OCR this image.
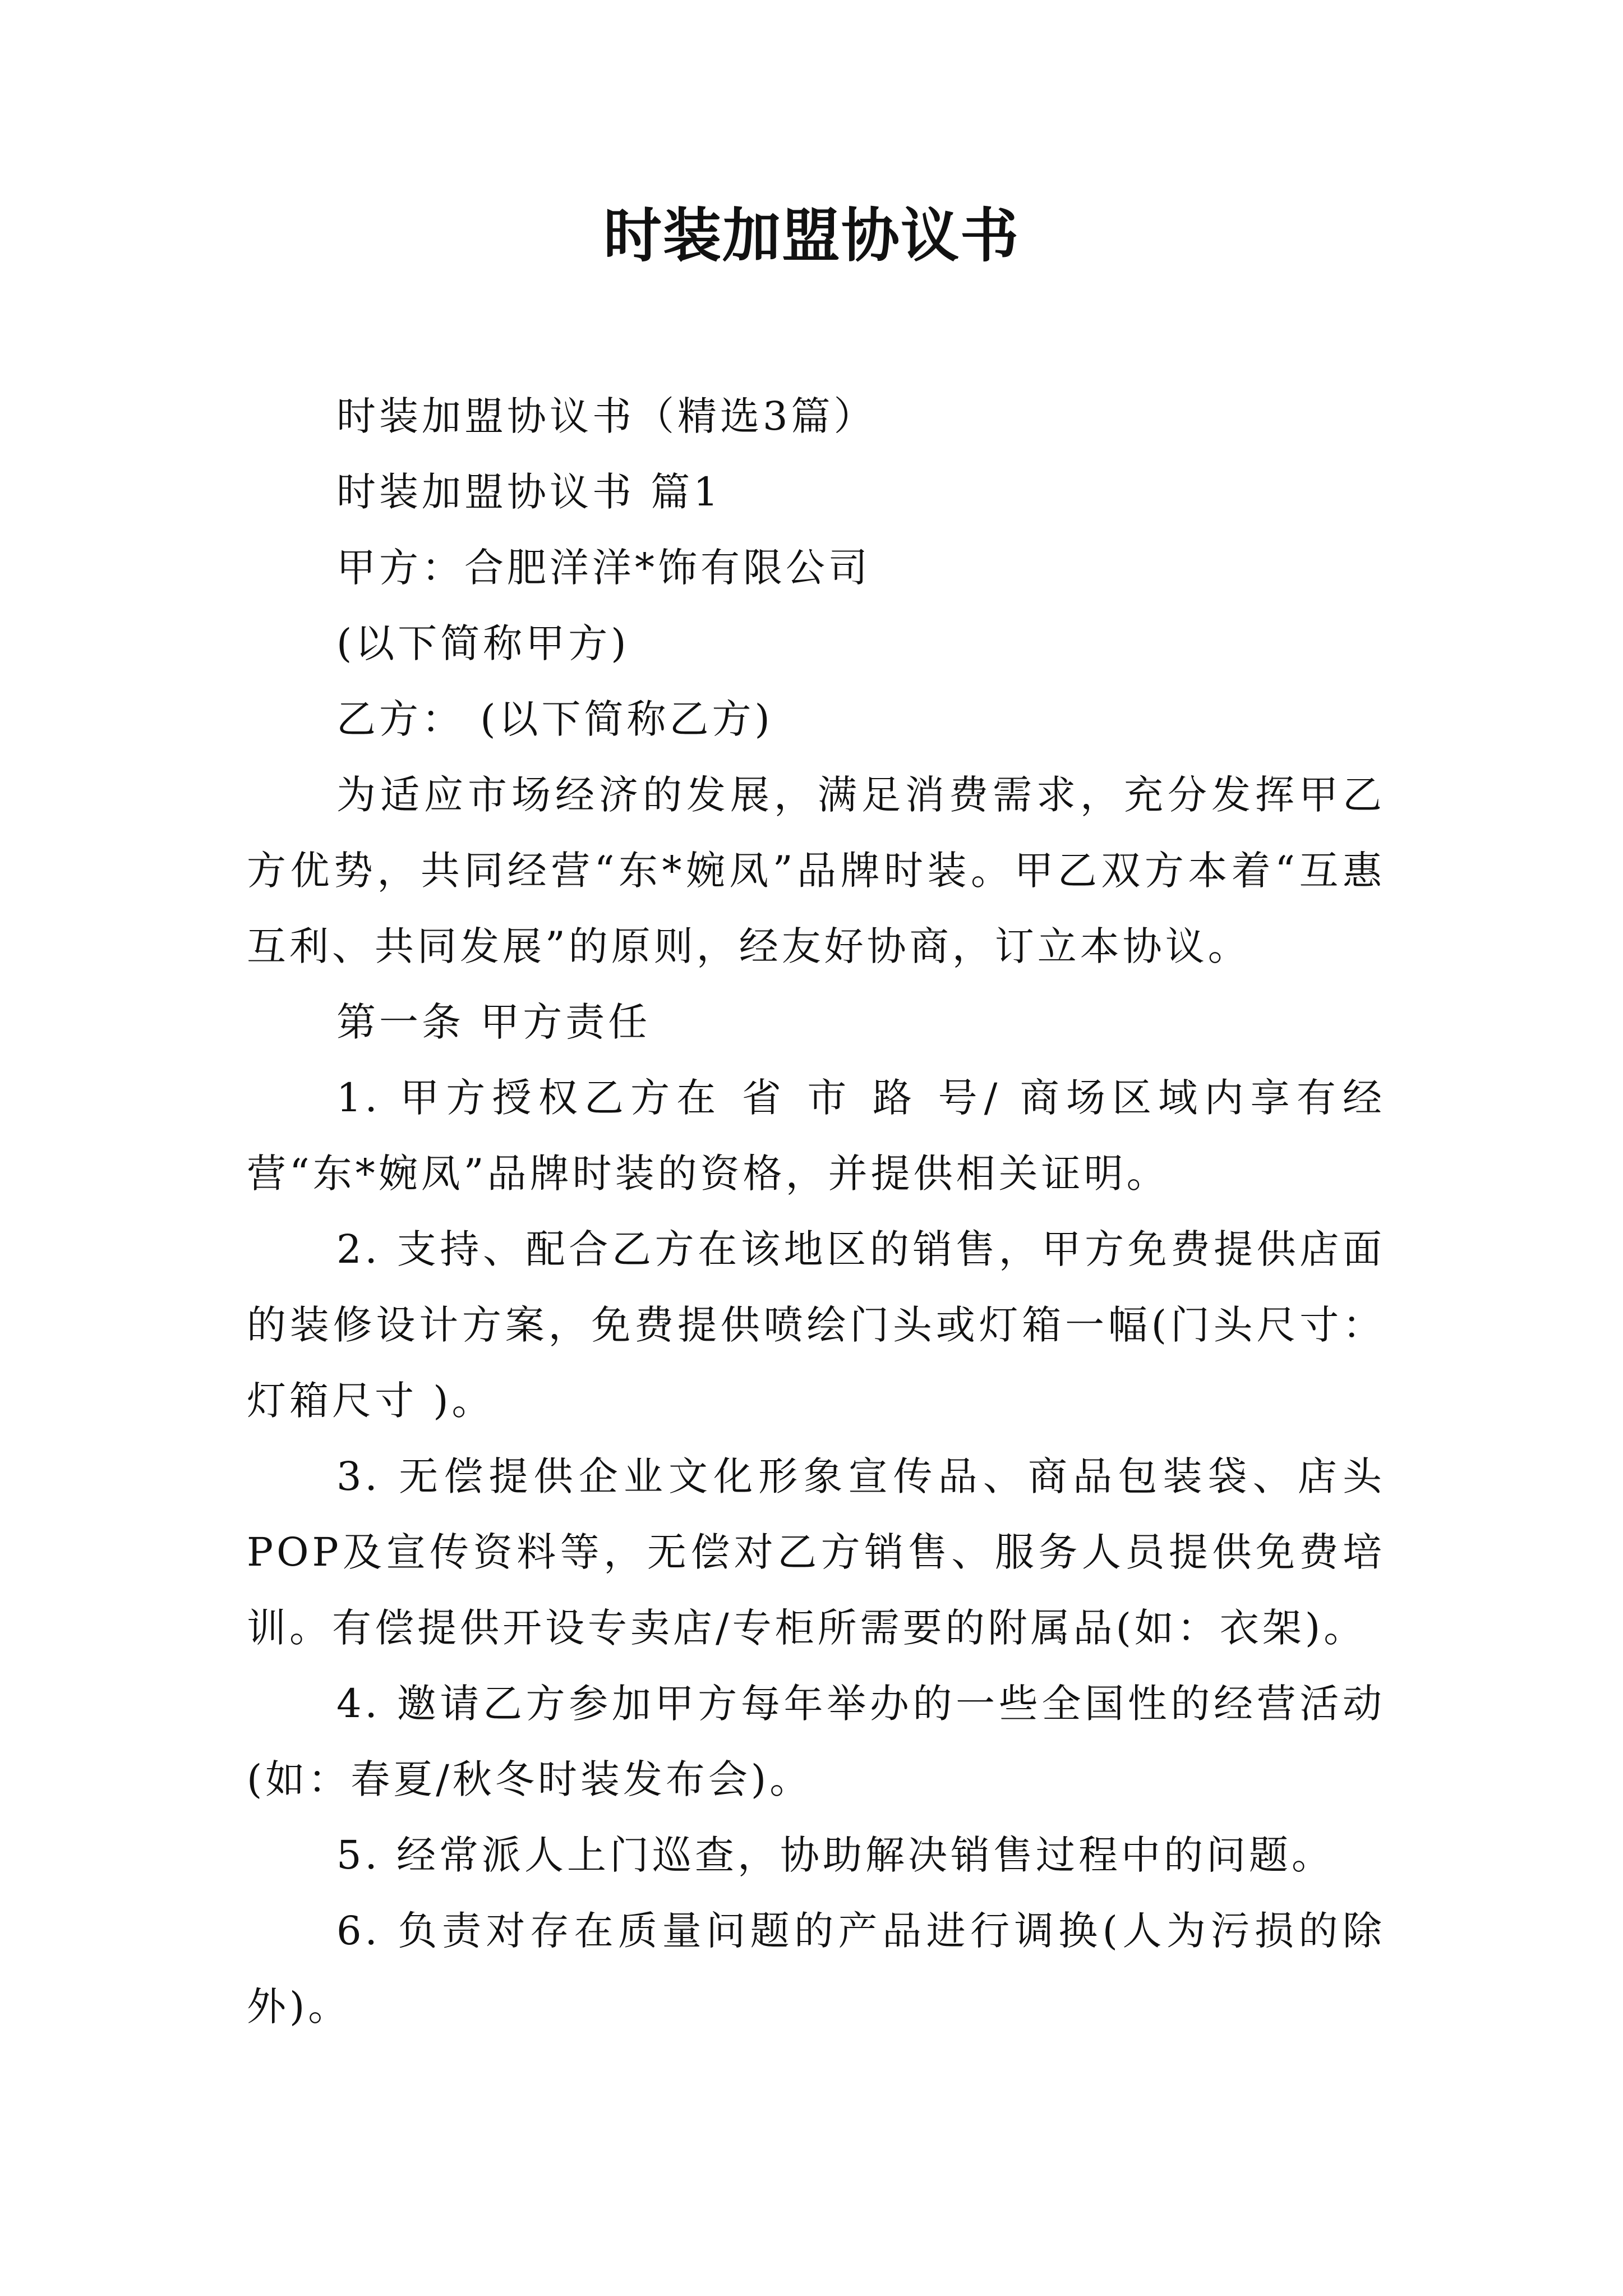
时装加盟协议书

时装加盟协议书（精选3篇）

时装加盟协议书 篇1

甲方：合肥洋洋*饰有限公司

(以下简称甲方)

乙方： (以下简称乙方)

为适应市场经济的发展，满足消费需求，充分发挥甲乙方优势，共同经营“东*婉凤”品牌时装。甲乙双方本着“互惠互利、共同发展”的原则，经友好协商，订立本协议。

第一条 甲方责任

1. 甲方授权乙方在 省 市 路 号/ 商场区域内享有经营“东*婉凤”品牌时装的资格，并提供相关证明。

2. 支持、配合乙方在该地区的销售，甲方免费提供店面的装修设计方案，免费提供喷绘门头或灯箱一幅(门头尺寸： 灯箱尺寸 )。

3. 无偿提供企业文化形象宣传品、商品包装袋、店头POP及宣传资料等，无偿对乙方销售、服务人员提供免费培训。有偿提供开设专卖店/专柜所需要的附属品(如：衣架)。

4. 邀请乙方参加甲方每年举办的一些全国性的经营活动(如：春夏/秋冬时装发布会)。

5. 经常派人上门巡查，协助解决销售过程中的问题。

6. 负责对存在质量问题的产品进行调换(人为污损的除外)。
